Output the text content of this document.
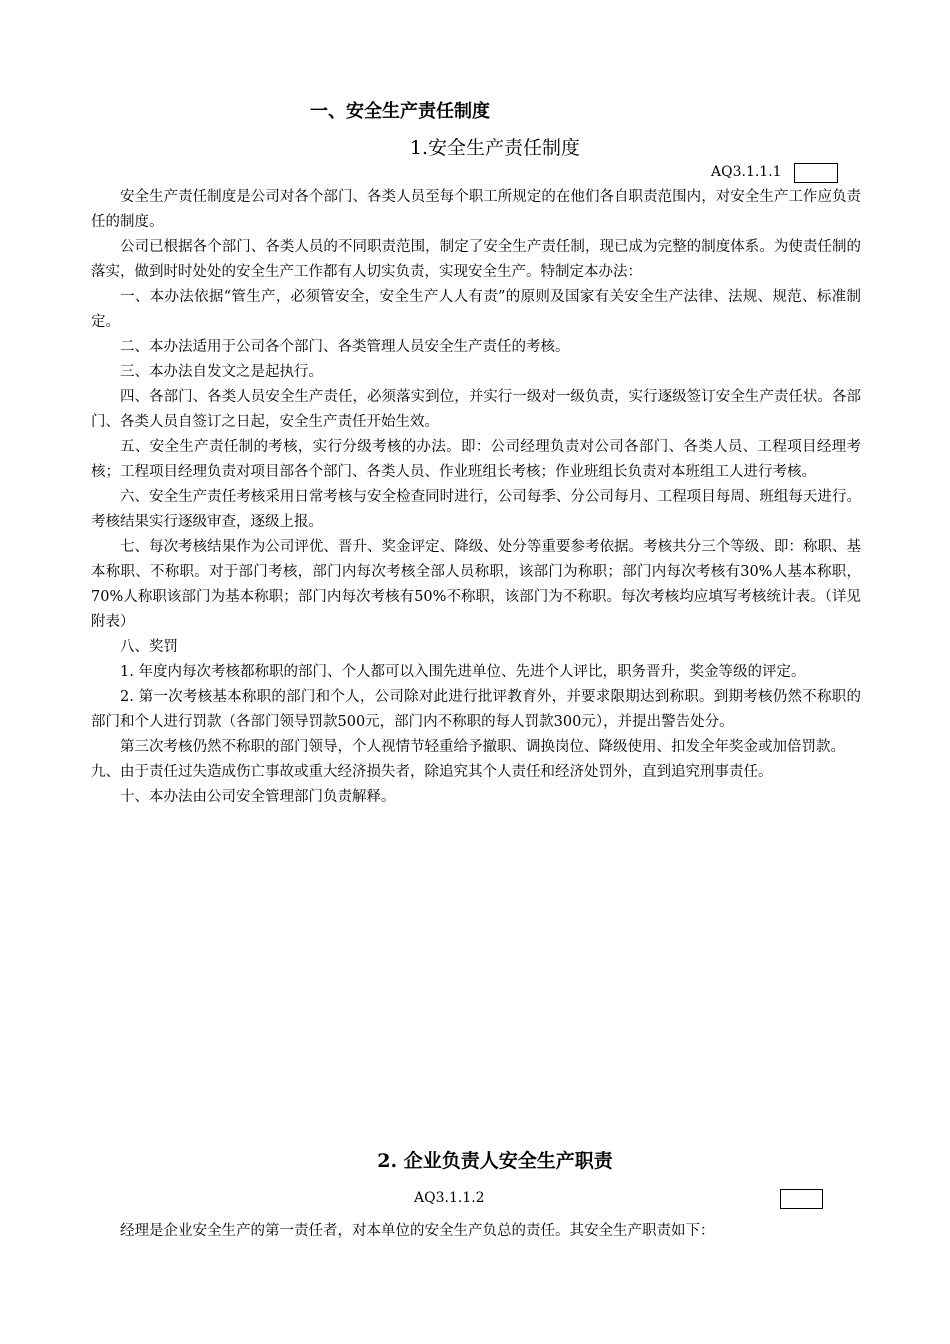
一、安全生产责任制度
1.安全生产责任制度
AQ3.1.1.1

安全生产责任制度是公司对各个部门、各类人员至每个职工所规定的在他们各自职责范围内，对安全生产工作应负责任的制度。

公司已根据各个部门、各类人员的不同职责范围，制定了安全生产责任制，现已成为完整的制度体系。为使责任制的落实，做到时时处处的安全生产工作都有人切实负责，实现安全生产。特制定本办法：

一、本办法依据“管生产，必须管安全，安全生产人人有责”的原则及国家有关安全生产法律、法规、规范、标准制定。

二、本办法适用于公司各个部门、各类管理人员安全生产责任的考核。

三、本办法自发文之是起执行。

四、各部门、各类人员安全生产责任，必须落实到位，并实行一级对一级负责，实行逐级签订安全生产责任状。各部门、各类人员自签订之日起，安全生产责任开始生效。

五、安全生产责任制的考核，实行分级考核的办法。即：公司经理负责对公司各部门、各类人员、工程项目经理考核；工程项目经理负责对项目部各个部门、各类人员、作业班组长考核；作业班组长负责对本班组工人进行考核。

六、安全生产责任考核采用日常考核与安全检查同时进行，公司每季、分公司每月、工程项目每周、班组每天进行。考核结果实行逐级审查，逐级上报。

七、每次考核结果作为公司评优、晋升、奖金评定、降级、处分等重要参考依据。考核共分三个等级、即：称职、基本称职、不称职。对于部门考核，部门内每次考核全部人员称职，该部门为称职；部门内每次考核有30%人基本称职，70%人称职该部门为基本称职；部门内每次考核有50%不称职，该部门为不称职。每次考核均应填写考核统计表。（详见附表）

八、奖罚

1. 年度内每次考核都称职的部门、个人都可以入围先进单位、先进个人评比，职务晋升，奖金等级的评定。

2. 第一次考核基本称职的部门和个人，公司除对此进行批评教育外，并要求限期达到称职。到期考核仍然不称职的部门和个人进行罚款（各部门领导罚款500元，部门内不称职的每人罚款300元），并提出警告处分。

第三次考核仍然不称职的部门领导，个人视情节轻重给予撤职、调换岗位、降级使用、扣发全年奖金或加倍罚款。

九、由于责任过失造成伤亡事故或重大经济损失者，除追究其个人责任和经济处罚外，直到追究刑事责任。

十、本办法由公司安全管理部门负责解释。

2. 企业负责人安全生产职责
AQ3.1.1.2
经理是企业安全生产的第一责任者，对本单位的安全生产负总的责任。其安全生产职责如下：
